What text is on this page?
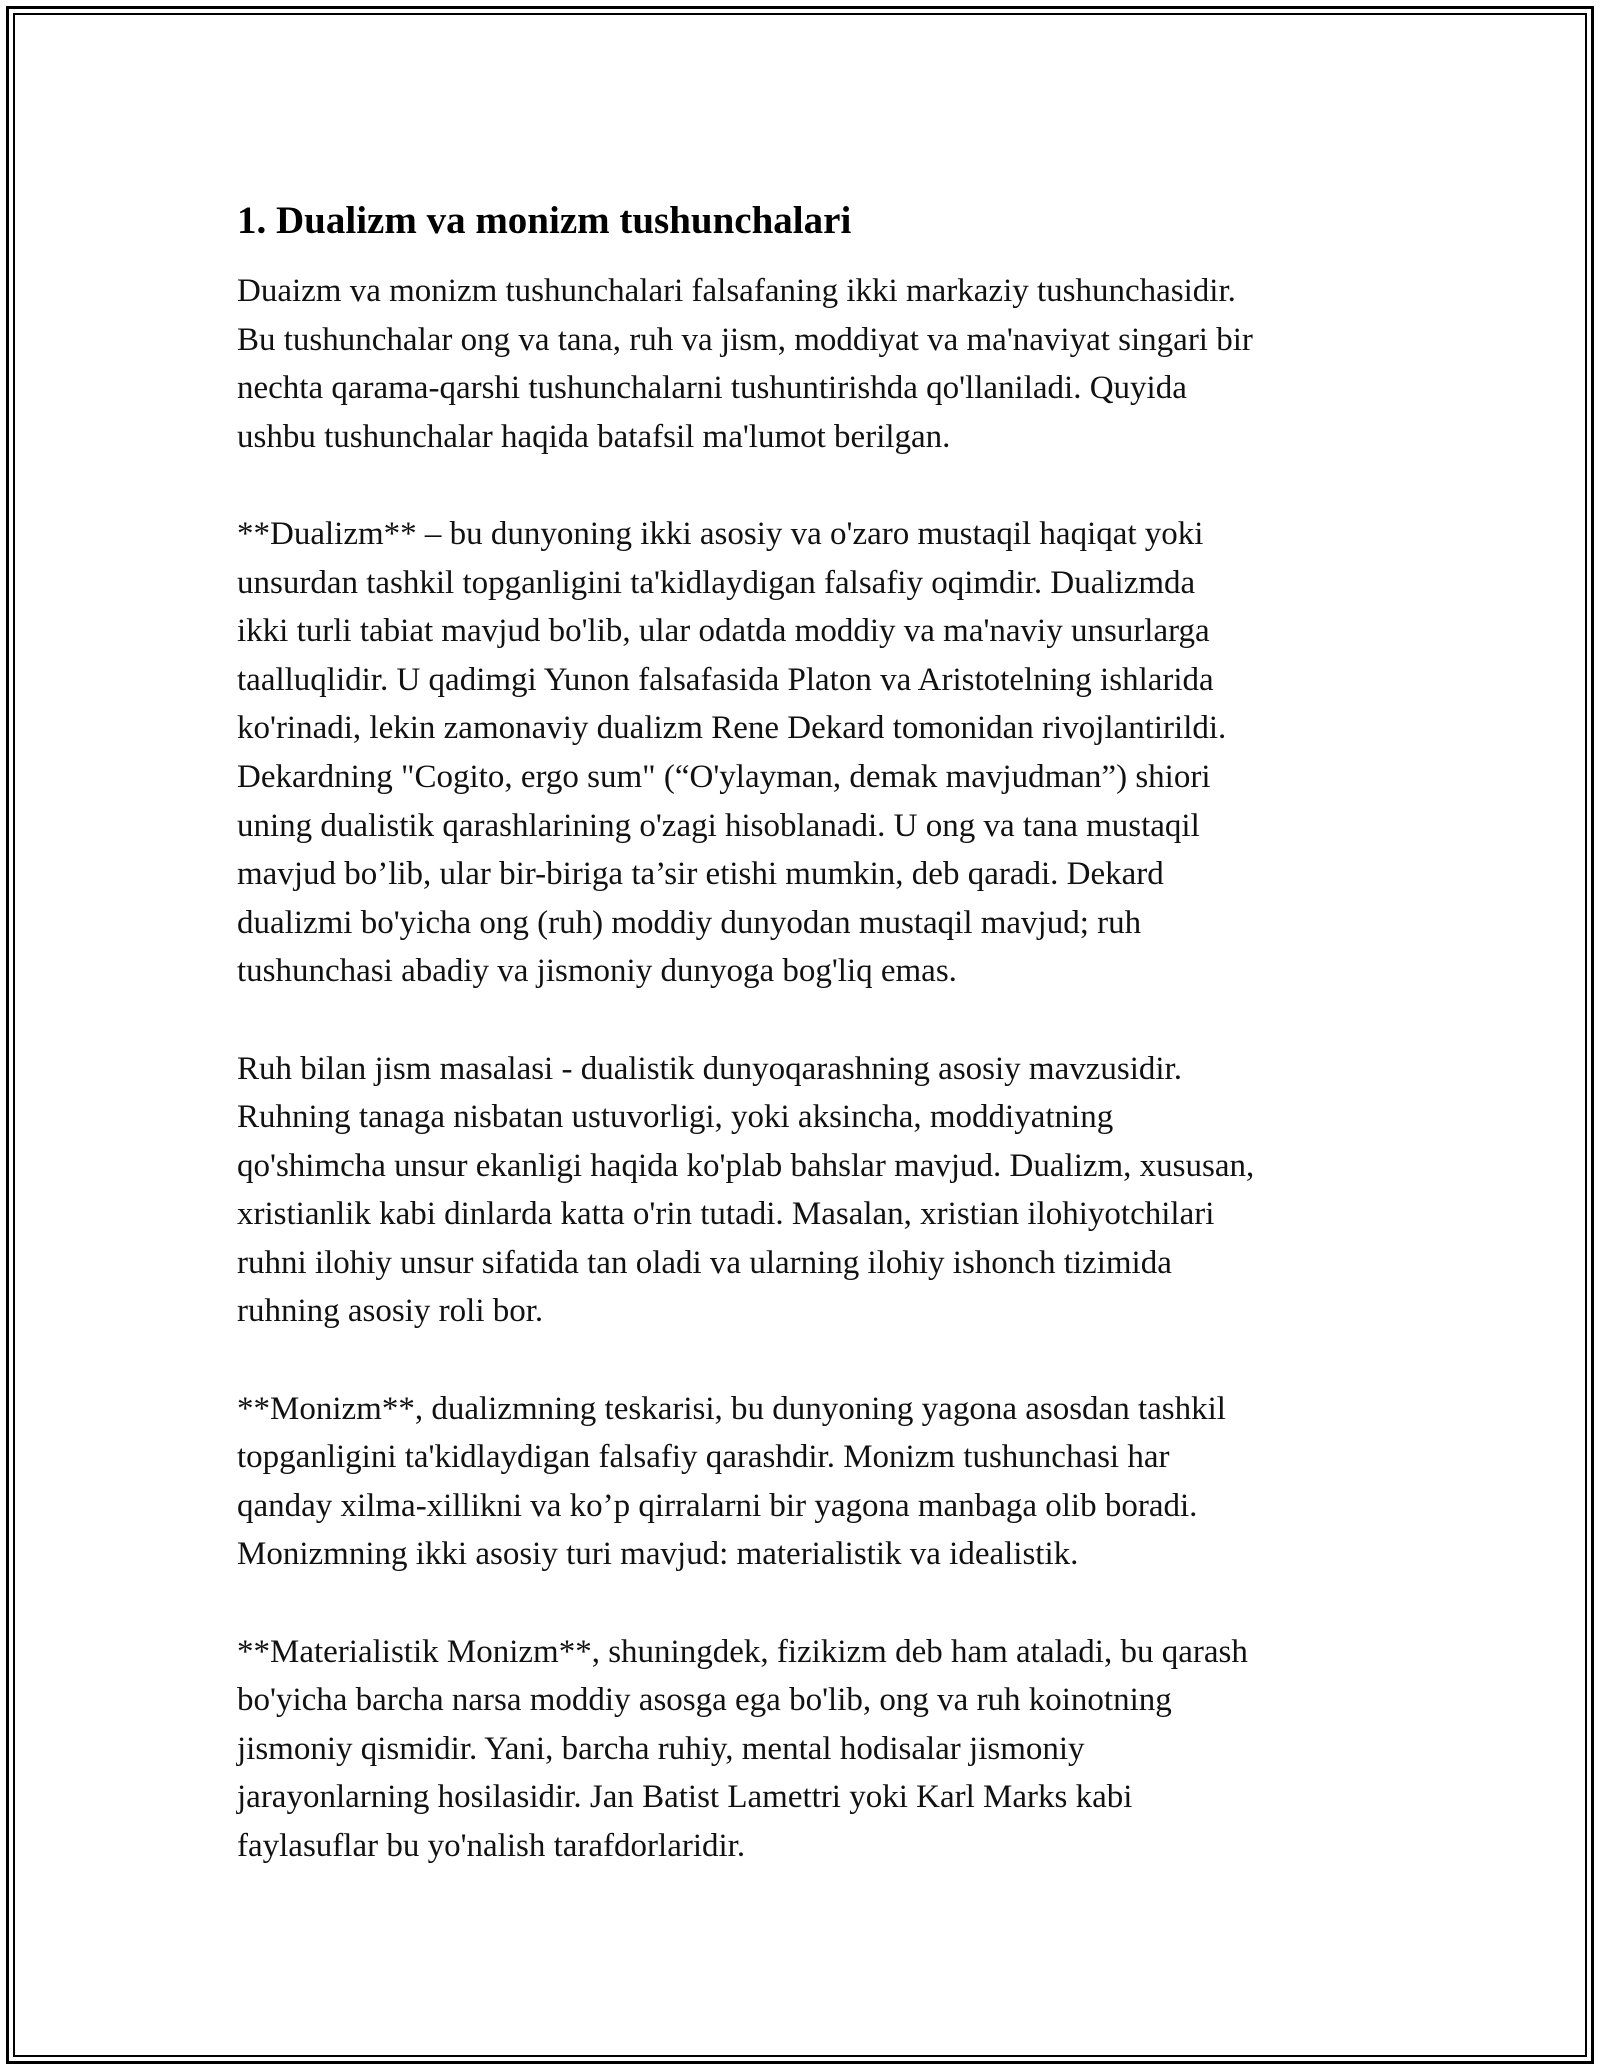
1. Dualizm va monizm tushunchalari

Duaizm va monizm tushunchalari falsafaning ikki markaziy tushunchasidir.
Bu tushunchalar ong va tana, ruh va jism, moddiyat va ma'naviyat singari bir
nechta qarama-qarshi tushunchalarni tushuntirishda qo'llaniladi. Quyida
ushbu tushunchalar haqida batafsil ma'lumot berilgan.

**Dualizm** – bu dunyoning ikki asosiy va o'zaro mustaqil haqiqat yoki
unsurdan tashkil topganligini ta'kidlaydigan falsafiy oqimdir. Dualizmda
ikki turli tabiat mavjud bo'lib, ular odatda moddiy va ma'naviy unsurlarga
taalluqlidir. U qadimgi Yunon falsafasida Platon va Aristotelning ishlarida
ko'rinadi, lekin zamonaviy dualizm Rene Dekard tomonidan rivojlantirildi.
Dekardning "Cogito, ergo sum" (“O'ylayman, demak mavjudman”) shiori
uning dualistik qarashlarining o'zagi hisoblanadi. U ong va tana mustaqil
mavjud bo’lib, ular bir-biriga ta’sir etishi mumkin, deb qaradi. Dekard
dualizmi bo'yicha ong (ruh) moddiy dunyodan mustaqil mavjud; ruh
tushunchasi abadiy va jismoniy dunyoga bog'liq emas.

Ruh bilan jism masalasi - dualistik dunyoqarashning asosiy mavzusidir.
Ruhning tanaga nisbatan ustuvorligi, yoki aksincha, moddiyatning
qo'shimcha unsur ekanligi haqida ko'plab bahslar mavjud. Dualizm, xususan,
xristianlik kabi dinlarda katta o'rin tutadi. Masalan, xristian ilohiyotchilari
ruhni ilohiy unsur sifatida tan oladi va ularning ilohiy ishonch tizimida
ruhning asosiy roli bor.

**Monizm**, dualizmning teskarisi, bu dunyoning yagona asosdan tashkil
topganligini ta'kidlaydigan falsafiy qarashdir. Monizm tushunchasi har
qanday xilma-xillikni va ko’p qirralarni bir yagona manbaga olib boradi.
Monizmning ikki asosiy turi mavjud: materialistik va idealistik.

**Materialistik Monizm**, shuningdek, fizikizm deb ham ataladi, bu qarash
bo'yicha barcha narsa moddiy asosga ega bo'lib, ong va ruh koinotning
jismoniy qismidir. Yani, barcha ruhiy, mental hodisalar jismoniy
jarayonlarning hosilasidir. Jan Batist Lamettri yoki Karl Marks kabi
faylasuflar bu yo'nalish tarafdorlaridir.
